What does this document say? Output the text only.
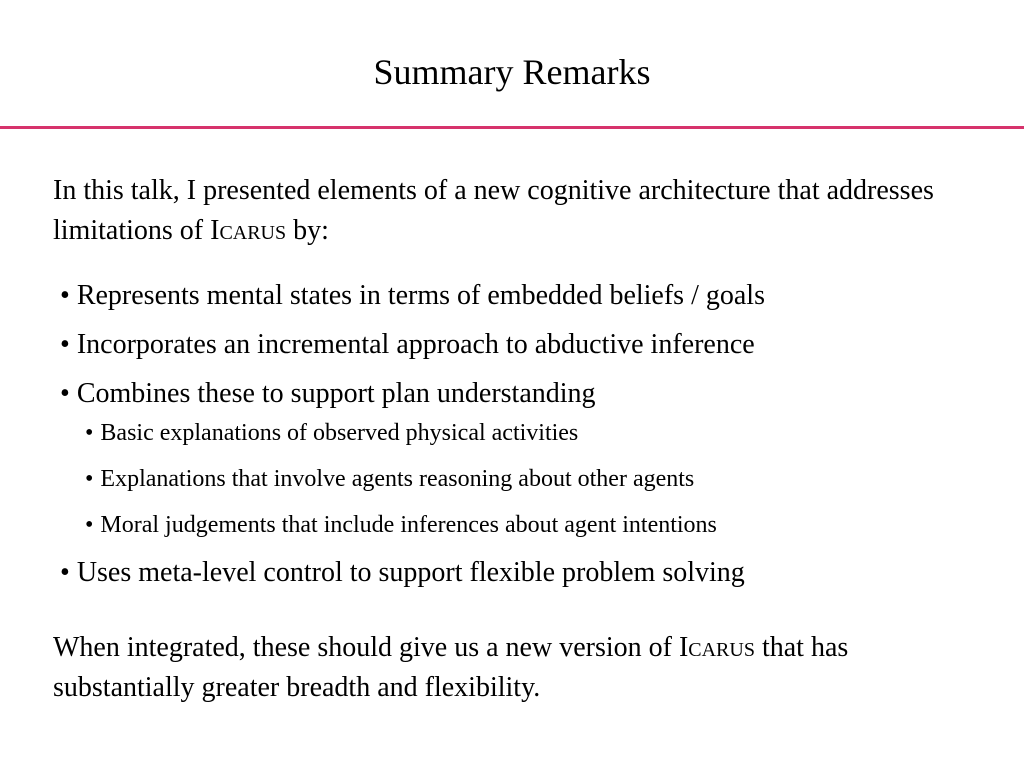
Summary Remarks
In this talk, I presented elements of a new cognitive architecture that addresses limitations of Icarus by:
• Represents mental states in terms of embedded beliefs / goals
• Incorporates an incremental approach to abductive inference
• Combines these to support plan understanding
• Basic explanations of observed physical activities
• Explanations that involve agents reasoning about other agents
• Moral judgements that include inferences about agent intentions
• Uses meta-level control to support flexible problem solving
When integrated, these should give us a new version of Icarus that has substantially greater breadth and flexibility.
